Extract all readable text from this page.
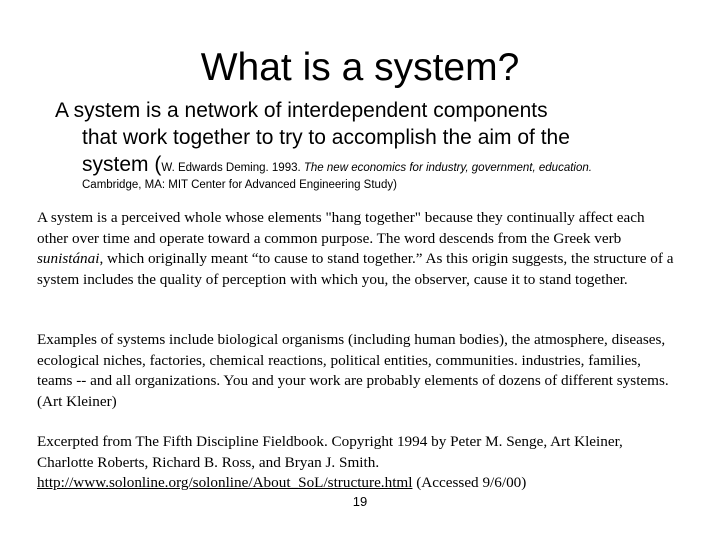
What is a system?
A system is a network of interdependent components
that work together to try to accomplish the aim of the
system (W. Edwards Deming. 1993. The new economics for industry, government, education.
Cambridge, MA: MIT Center for Advanced Engineering Study)
A system is a perceived whole whose elements "hang together" because they continually affect each other over time and operate toward a common purpose. The word descends from the Greek verb sunistánai, which originally meant “to cause to stand together.” As this origin suggests, the structure of a system includes the quality of perception with which you, the observer, cause it to stand together.
Examples of systems include biological organisms (including human bodies), the atmosphere, diseases, ecological niches, factories, chemical reactions, political entities, communities. industries, families, teams -- and all organizations. You and your work are probably elements of dozens of different systems. (Art Kleiner)
Excerpted from The Fifth Discipline Fieldbook. Copyright 1994 by Peter M. Senge, Art Kleiner, Charlotte Roberts, Richard B. Ross, and Bryan J. Smith. http://www.solonline.org/solonline/About_SoL/structure.html (Accessed 9/6/00)
19
